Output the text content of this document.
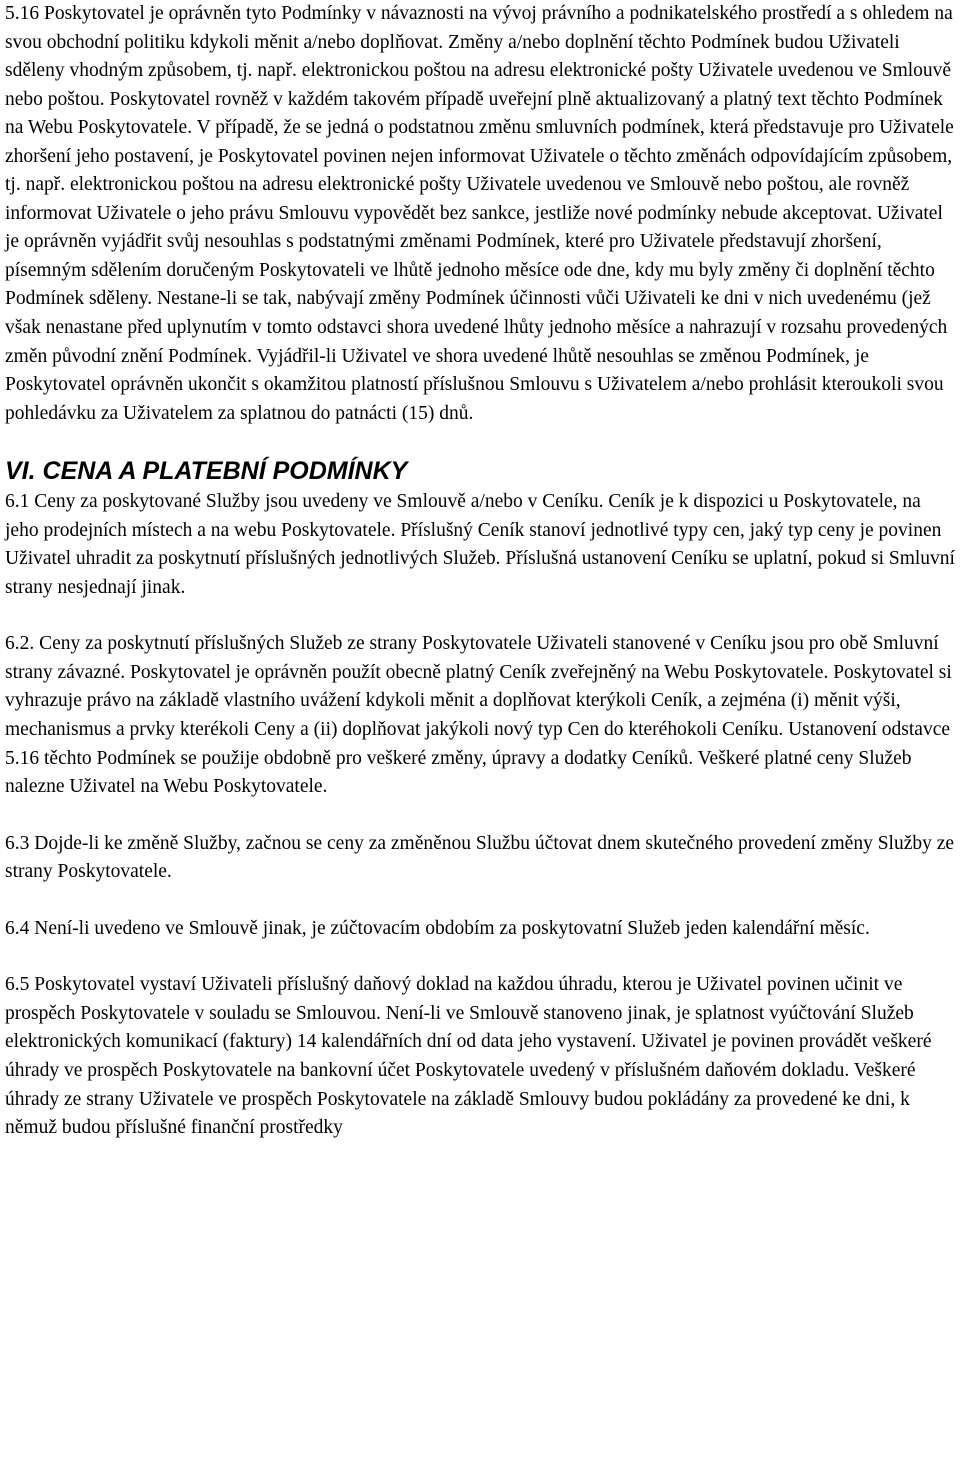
5.16 Poskytovatel je oprávněn tyto Podmínky v návaznosti na vývoj právního a podnikatelského prostředí a s ohledem na svou obchodní politiku kdykoli měnit a/nebo doplňovat. Změny a/nebo doplnění těchto Podmínek budou Uživateli sděleny vhodným způsobem, tj. např. elektronickou poštou na adresu elektronické pošty Uživatele uvedenou ve Smlouvě nebo poštou. Poskytovatel rovněž v každém takovém případě uveřejní plně aktualizovaný a platný text těchto Podmínek na Webu Poskytovatele. V případě, že se jedná o podstatnou změnu smluvních podmínek, která představuje pro Uživatele zhoršení jeho postavení, je Poskytovatel povinen nejen informovat Uživatele o těchto změnách odpovídajícím způsobem, tj. např. elektronickou poštou na adresu elektronické pošty Uživatele uvedenou ve Smlouvě nebo poštou, ale rovněž informovat Uživatele o jeho právu Smlouvu vypovědět bez sankce, jestliže nové podmínky nebude akceptovat. Uživatel je oprávněn vyjádřit svůj nesouhlas s podstatnými změnami Podmínek, které pro Uživatele představují zhoršení, písemným sdělením doručeným Poskytovateli ve lhůtě jednoho měsíce ode dne, kdy mu byly změny či doplnění těchto Podmínek sděleny. Nestane-li se tak, nabývají změny Podmínek účinnosti vůči Uživateli ke dni v nich uvedenému (jež však nenastane před uplynutím v tomto odstavci shora uvedené lhůty jednoho měsíce a nahrazují v rozsahu provedených změn původní znění Podmínek. Vyjádřil-li Uživatel ve shora uvedené lhůtě nesouhlas se změnou Podmínek, je Poskytovatel oprávněn ukončit s okamžitou platností příslušnou Smlouvu s Uživatelem a/nebo prohlásit kteroukoli svou pohledávku za Uživatelem za splatnou do patnácti (15) dnů.

VI. CENA A PLATEBNÍ PODMÍNKY

6.1 Ceny za poskytované Služby jsou uvedeny ve Smlouvě a/nebo v Ceníku. Ceník je k dispozici u Poskytovatele, na jeho prodejních místech a na webu Poskytovatele. Příslušný Ceník stanoví jednotlivé typy cen, jaký typ ceny je povinen Uživatel uhradit za poskytnutí příslušných jednotlivých Služeb. Příslušná ustanovení Ceníku se uplatní, pokud si Smluvní strany nesjednají jinak.

6.2. Ceny za poskytnutí příslušných Služeb ze strany Poskytovatele Uživateli stanovené v Ceníku jsou pro obě Smluvní strany závazné. Poskytovatel je oprávněn použít obecně platný Ceník zveřejněný na Webu Poskytovatele. Poskytovatel si vyhrazuje právo na základě vlastního uvážení kdykoli měnit a doplňovat kterýkoli Ceník, a zejména (i) měnit výši, mechanismus a prvky kterékoli Ceny a (ii) doplňovat jakýkoli nový typ Cen do kteréhokoli Ceníku. Ustanovení odstavce 5.16 těchto Podmínek se použije obdobně pro veškeré změny, úpravy a dodatky Ceníků. Veškeré platné ceny Služeb nalezne Uživatel na Webu Poskytovatele.

6.3 Dojde-li ke změně Služby, začnou se ceny za změněnou Službu účtovat dnem skutečného provedení změny Služby ze strany Poskytovatele.

6.4 Není-li uvedeno ve Smlouvě jinak, je zúčtovacím obdobím za poskytovatní Služeb jeden kalendářní měsíc.

6.5 Poskytovatel vystaví Uživateli příslušný daňový doklad na každou úhradu, kterou je Uživatel povinen učinit ve prospěch Poskytovatele v souladu se Smlouvou. Není-li ve Smlouvě stanoveno jinak, je splatnost vyúčtování Služeb elektronických komunikací (faktury) 14 kalendářních dní od data jeho vystavení. Uživatel je povinen provádět veškeré úhrady ve prospěch Poskytovatele na bankovní účet Poskytovatele uvedený v příslušném daňovém dokladu. Veškeré úhrady ze strany Uživatele ve prospěch Poskytovatele na základě Smlouvy budou pokládány za provedené ke dni, k němuž budou příslušné finanční prostředky
